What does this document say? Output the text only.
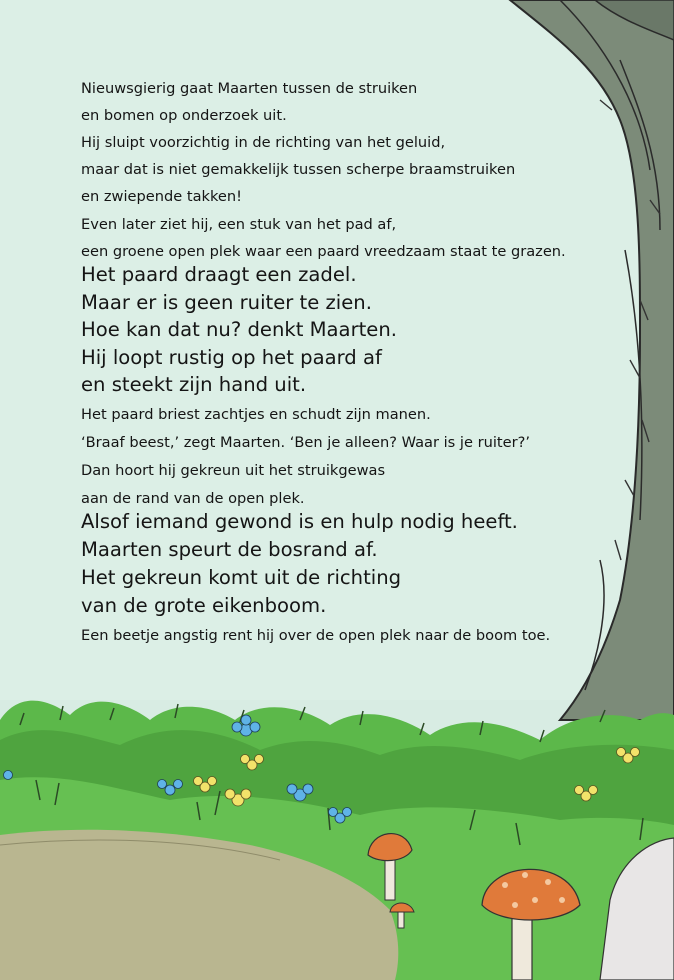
Nieuwsgierig gaat Maarten tussen de struiken
en bomen op onderzoek uit.
Hij sluipt voorzichtig in de richting van het geluid,
maar dat is niet gemakkelijk tussen scherpe braamstruiken
en zwiepende takken!
Even later ziet hij, een stuk van het pad af,
een groene open plek waar een paard vreedzaam staat te grazen.
Het paard draagt een zadel.
Maar er is geen ruiter te zien.
Hoe kan dat nu? denkt Maarten.
Hij loopt rustig op het paard af
en steekt zijn hand uit.
Het paard briest zachtjes en schudt zijn manen.
‘Braaf beest,’ zegt Maarten. ‘Ben je alleen? Waar is je ruiter?’
Dan hoort hij gekreun uit het struikgewas
aan de rand van de open plek.
Alsof iemand gewond is en hulp nodig heeft.
Maarten speurt de bosrand af.
Het gekreun komt uit de richting
van de grote eikenboom.
Een beetje angstig rent hij over de open plek naar de boom toe.
